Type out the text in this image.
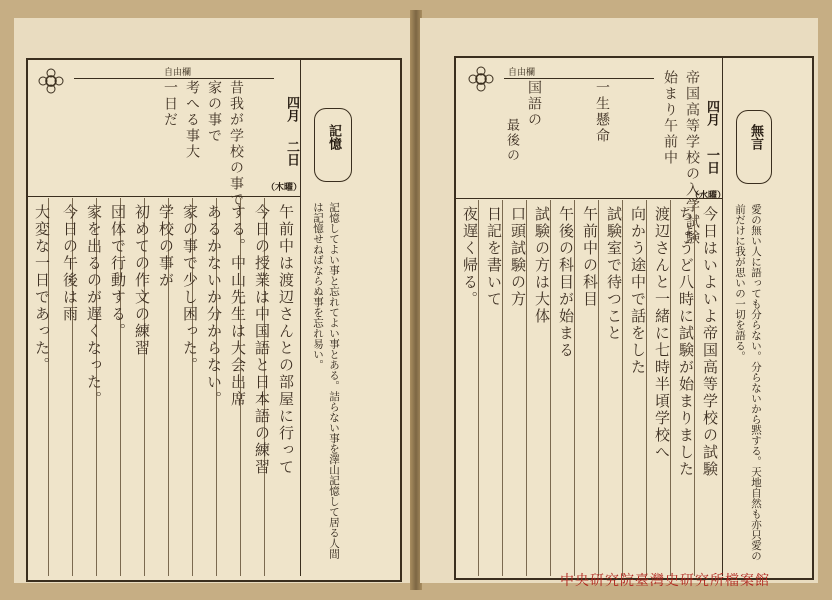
自由欄
昔我が学校の事で
家の事で
考へる事大
一日だ	四月
二日
（木曜）
記憶
記憶してよい事と忘れてよい事とある。詰らない事を澤山記憶して居る人間は記憶せねばならぬ事を忘れ易い。
午前中は渡辺さんとの部屋に行って
今日の授業は中国語と日本語の練習
する。中山先生は大会出席
あるかないか分からない。
家の事で少し困った。
学校の事が
初めての作文の練習
団体で行動する。
家を出るのが遅くなった。
今日の午後は雨
大変な一日であった。
自由欄	帝国高等学校の入学試験
始まり午前中
一生懸命
国語の
最後の
四月
一日
（水曜）
無言
愛の無い人に語っても分らない。分らないから黙する。天地自然も亦只愛の前だけに我が思いの一切を語る。
今日はいよいよ帝国高等学校の試験
ちょうど八時に試験が始まりました
渡辺さんと一緒に七時半頃学校へ
向かう途中で話をした
試験室で待つこと
午前中の科目
午後の科目が始まる
試験の方は大体
口頭試験の方
日記を書いて
夜遅く帰る。
中央研究院臺灣史研究所檔案館
